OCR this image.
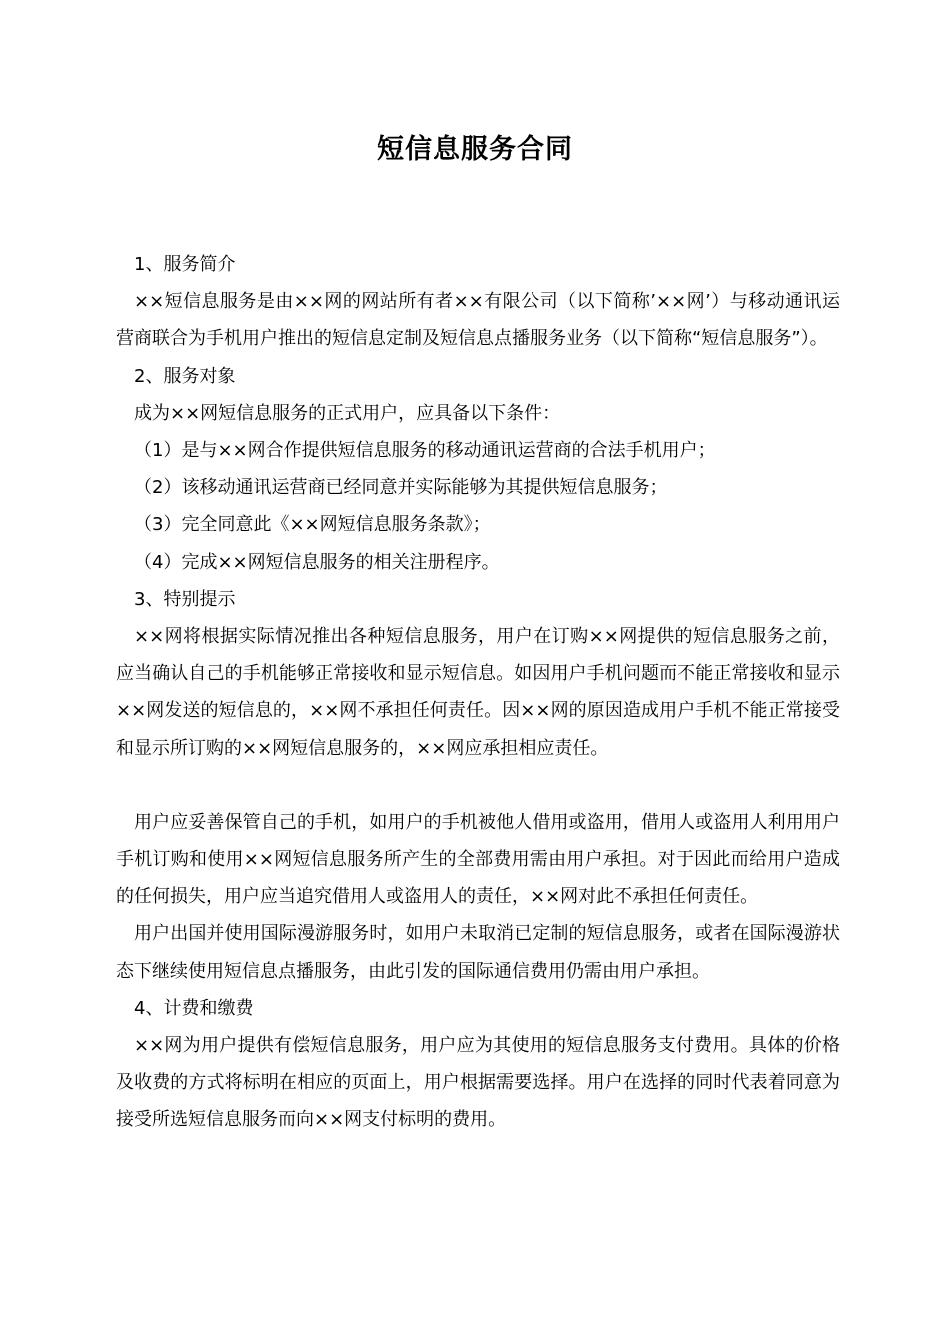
短信息服务合同

1、服务简介

××短信息服务是由××网的网站所有者××有限公司（以下简称’××网’）与移动通讯运营商联合为手机用户推出的短信息定制及短信息点播服务业务（以下简称“短信息服务”）。

2、服务对象

成为××网短信息服务的正式用户，应具备以下条件：

（1）是与××网合作提供短信息服务的移动通讯运营商的合法手机用户；

（2）该移动通讯运营商已经同意并实际能够为其提供短信息服务；

（3）完全同意此《××网短信息服务条款》；

（4）完成××网短信息服务的相关注册程序。

3、特别提示

××网将根据实际情况推出各种短信息服务，用户在订购××网提供的短信息服务之前，应当确认自己的手机能够正常接收和显示短信息。如因用户手机问题而不能正常接收和显示××网发送的短信息的，××网不承担任何责任。因××网的原因造成用户手机不能正常接受和显示所订购的××网短信息服务的，××网应承担相应责任。

用户应妥善保管自己的手机，如用户的手机被他人借用或盗用，借用人或盗用人利用用户手机订购和使用××网短信息服务所产生的全部费用需由用户承担。对于因此而给用户造成的任何损失，用户应当追究借用人或盗用人的责任，××网对此不承担任何责任。

用户出国并使用国际漫游服务时，如用户未取消已定制的短信息服务，或者在国际漫游状态下继续使用短信息点播服务，由此引发的国际通信费用仍需由用户承担。

4、计费和缴费

××网为用户提供有偿短信息服务，用户应为其使用的短信息服务支付费用。具体的价格及收费的方式将标明在相应的页面上，用户根据需要选择。用户在选择的同时代表着同意为接受所选短信息服务而向××网支付标明的费用。
